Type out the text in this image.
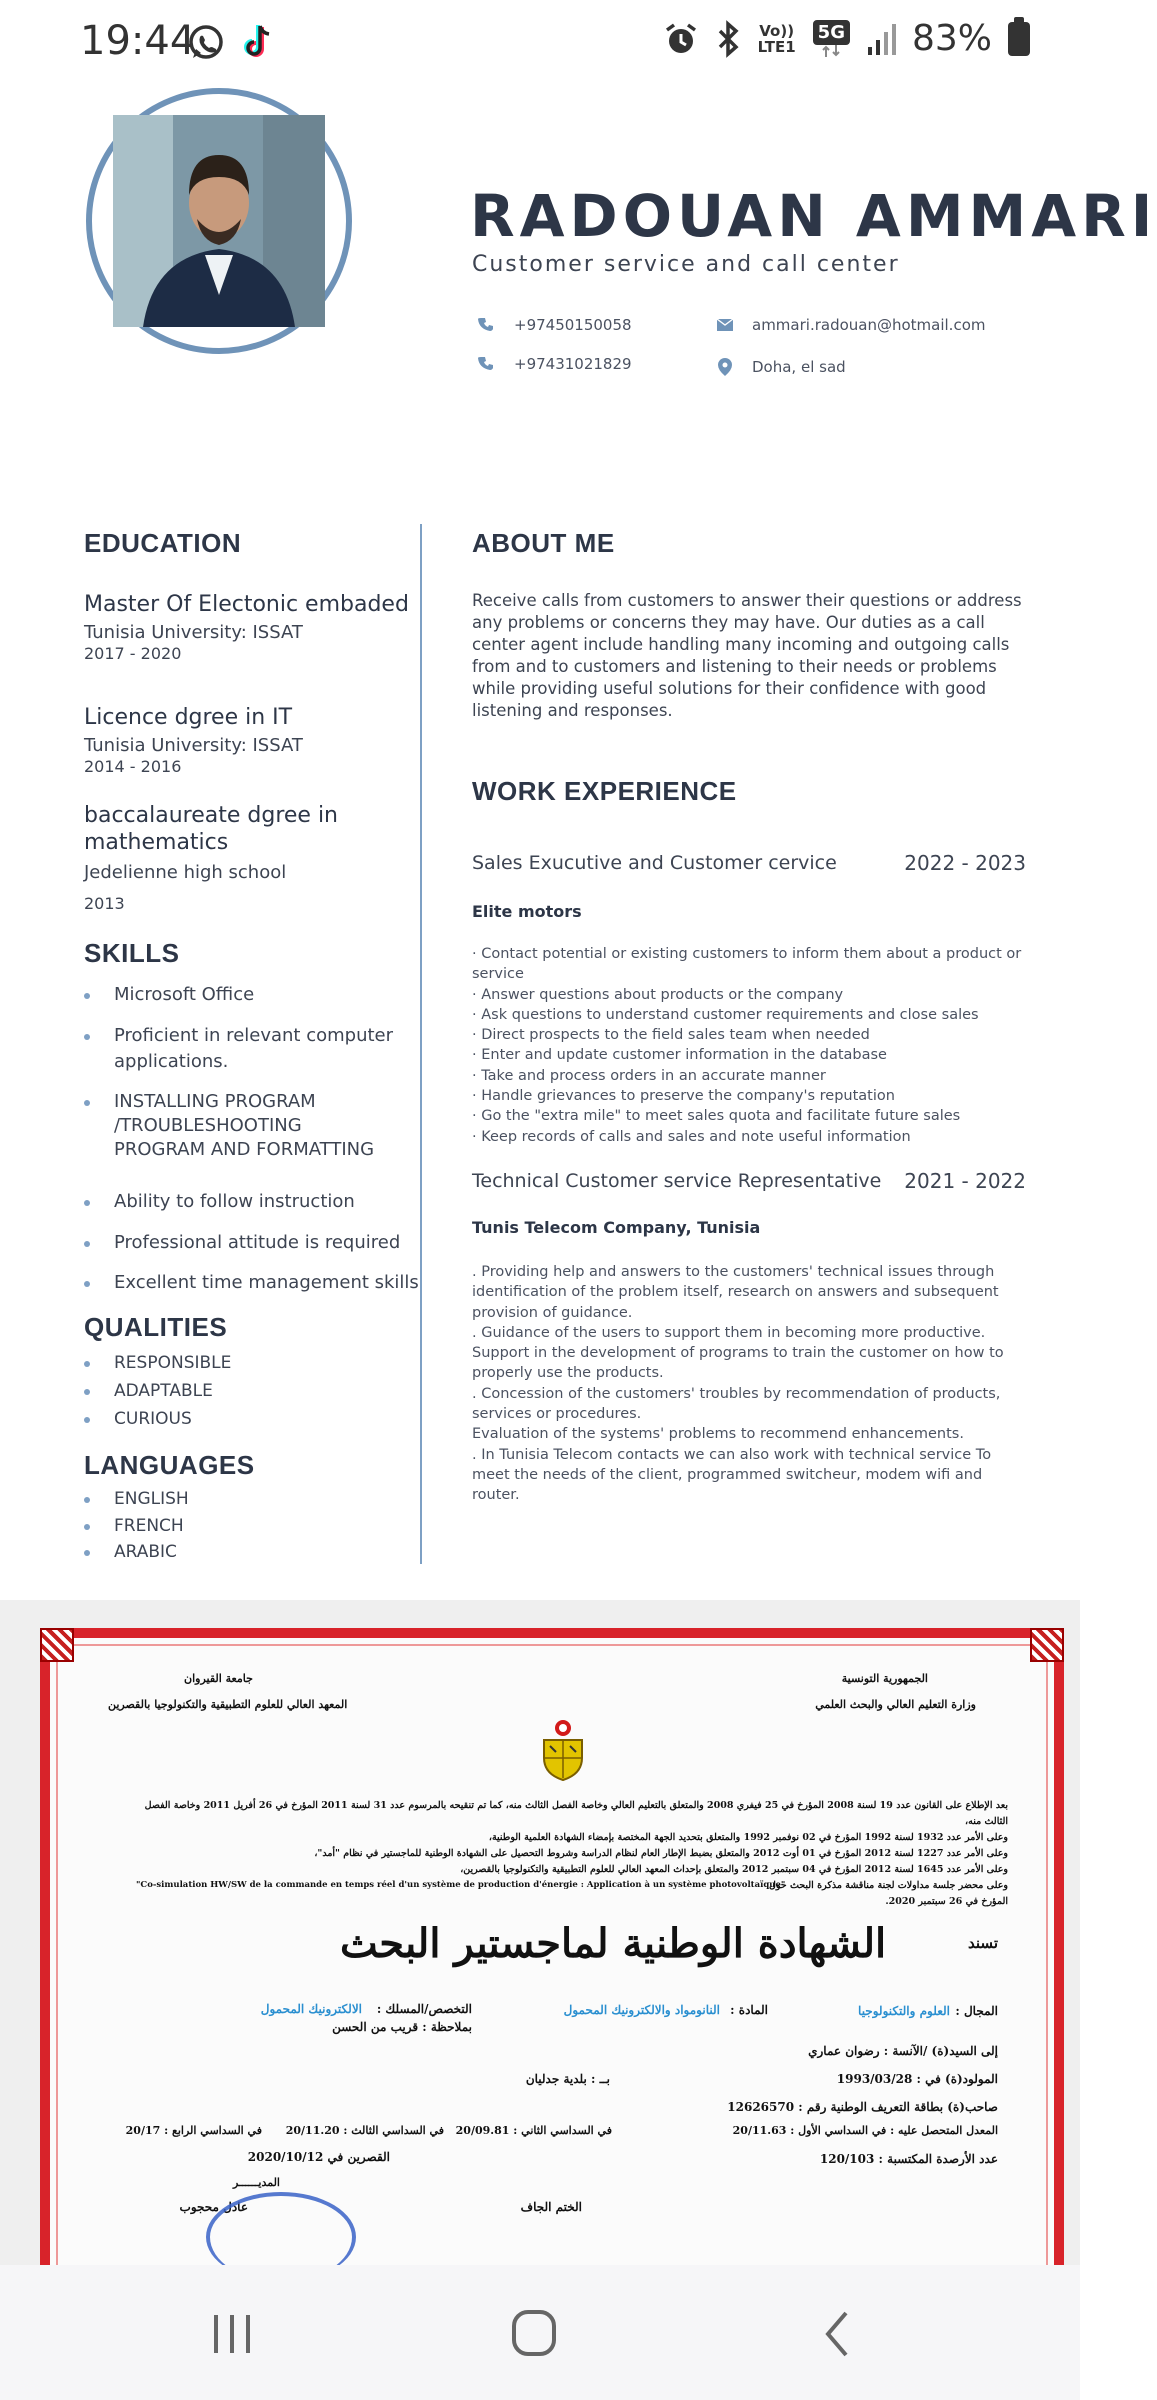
19:44	Vo)) LTE1
5G 83%
RADOUAN AMMARI
Customer service and call center
+97450150058
+97431021829
ammari.radouan@hotmail.com
Doha, el sad
EDUCATION
Master Of Electonic embaded
Tunisia University: ISSAT
2017 - 2020
Licence dgree in IT
Tunisia University: ISSAT
2014 - 2016
baccalaureate dgree in
mathematics
Jedelienne high school
2013
SKILLS
Microsoft Office
Proficient in relevant computer
applications.
INSTALLING PROGRAM
/TROUBLESHOOTING
PROGRAM AND FORMATTING
Ability to follow instruction
Professional attitude is required
Excellent time management skills
QUALITIES
RESPONSIBLE
ADAPTABLE
CURIOUS
LANGUAGES
ENGLISH
FRENCH
ARABIC
ABOUT ME
Receive calls from customers to answer their questions or address any problems or concerns they may have. Our duties as a call center agent include handling many incoming and outgoing calls from and to customers and listening to their needs or problems while providing useful solutions for their confidence with good listening and responses.
WORK EXPERIENCE
Sales Exucutive and Customer cervice	2022 - 2023
Elite motors
· Contact potential or existing customers to inform them about a product or service
· Answer questions about products or the company
· Ask questions to understand customer requirements and close sales
· Direct prospects to the field sales team when needed
· Enter and update customer information in the database
· Take and process orders in an accurate manner
· Handle grievances to preserve the company's reputation
· Go the "extra mile" to meet sales quota and facilitate future sales
· Keep records of calls and sales and note useful information
Technical Customer service Representative 2021 - 2022
Tunis Telecom Company, Tunisia
. Providing help and answers to the customers' technical issues through identification of the problem itself, research on answers and subsequent provision of guidance.
. Guidance of the users to support them in becoming more productive. Support in the development of programs to train the customer on how to properly use the products.
. Concession of the customers' troubles by recommendation of products, services or procedures.
Evaluation of the systems' problems to recommend enhancements.
. In Tunisia Telecom contacts we can also work with technical service To meet the needs of the client, programmed switcheur, modem wifi and router.
الجمهورية التونسية
وزارة التعليم العالي والبحث العلمي
جامعة القيروان
المعهد العالي للعلوم التطبيقية والتكنولوجيا بالقصرين
بعد الإطلاع على القانون عدد 19 لسنة 2008 المؤرخ في 25 فيفري 2008 والمتعلق بالتعليم العالي وخاصة الفصل الثالث منه، كما تم تنقيحه بالمرسوم عدد 31 لسنة 2011 المؤرخ في 26 أفريل 2011 وخاصة الفصل
الثالث منه،
وعلى الأمر عدد 1932 لسنة 1992 المؤرخ في 02 نوفمبر 1992 والمتعلق بتحديد الجهة المختصة بإمضاء الشهادة العلمية الوطنية،
وعلى الأمر عدد 1227 لسنة 2012 المؤرخ في 01 أوت 2012 والمتعلق بضبط الإطار العام لنظام الدراسة وشروط التحصيل على الشهادة الوطنية للماجستير في نظام "أمد"،
وعلى الأمر عدد 1645 لسنة 2012 المؤرخ في 04 سبتمبر 2012 والمتعلق بإحداث المعهد العالي للعلوم التطبيقية والتكنولوجيا بالقصرين،
وعلى محضر جلسة مداولات لجنة مناقشة مذكرة البحث حول
"Co-simulation HW/SW de la commande en temps réel d'un système de production d'énergie : Application à un système photovoltaïque"
المؤرخ في 26 سبتمبر 2020.
الشهادة الوطنية لماجستير البحث	تسند
المجال :
العلوم والتكنولوجيا
المادة :
النانومواد والالكترونيك المحمول
التخصص/المسلك :
الالكترونيك المحمول
بملاحظة : قريب من الحسن
إلى السيد(ة) /الآنسة : رضوان عماري
المولود(ة) في : 1993/03/28
بــ : بلدية جدليان
صاحب(ة) بطاقة التعريف الوطنية رقم : 12626570
المعدل المتحصل عليه : في السداسي الأول : 20/11.63
في السداسي الثاني : 20/09.81
في السداسي الثالث : 20/11.20
في السداسي الرابع : 20/17
عدد الأرصدة المكتسبة : 120/103
القصرين في 2020/10/12
المديــــــر
عادل محجوب	الختم الجاف
